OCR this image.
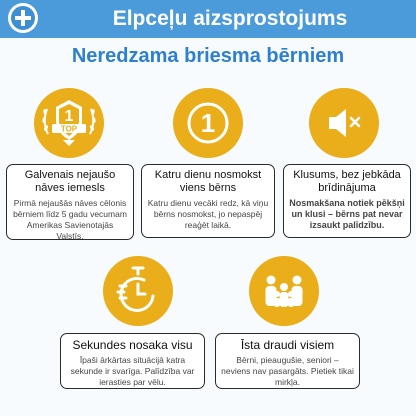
Elpceļu aizsprostojums
Neredzama briesma bērniem
1
TOP	1
Galvenais nejaušo nāves iemesls
Pirmā nejaušās nāves cēlonis bērniem līdz 5 gadu vecumam Amerikas Savienotajās Valstīs.
Katru dienu nosmokst viens bērns
Katru dienu vecāki redz, kā viņu bērns nosmokst, jo nepaspēj reaģēt laikā.
Klusums, bez jebkāda brīdinājuma
Nosmakšana notiek pēkšņi un klusi – bērns pat nevar izsaukt palīdzību.
Sekundes nosaka visu
Īpaši ārkārtas situācijā katra sekunde ir svarīga. Palīdzība var ierasties par vēlu.
Īsta draudi visiem
Bērni, pieaugušie, seniori – neviens nav pasargāts. Pietiek tikai mirkļa.
